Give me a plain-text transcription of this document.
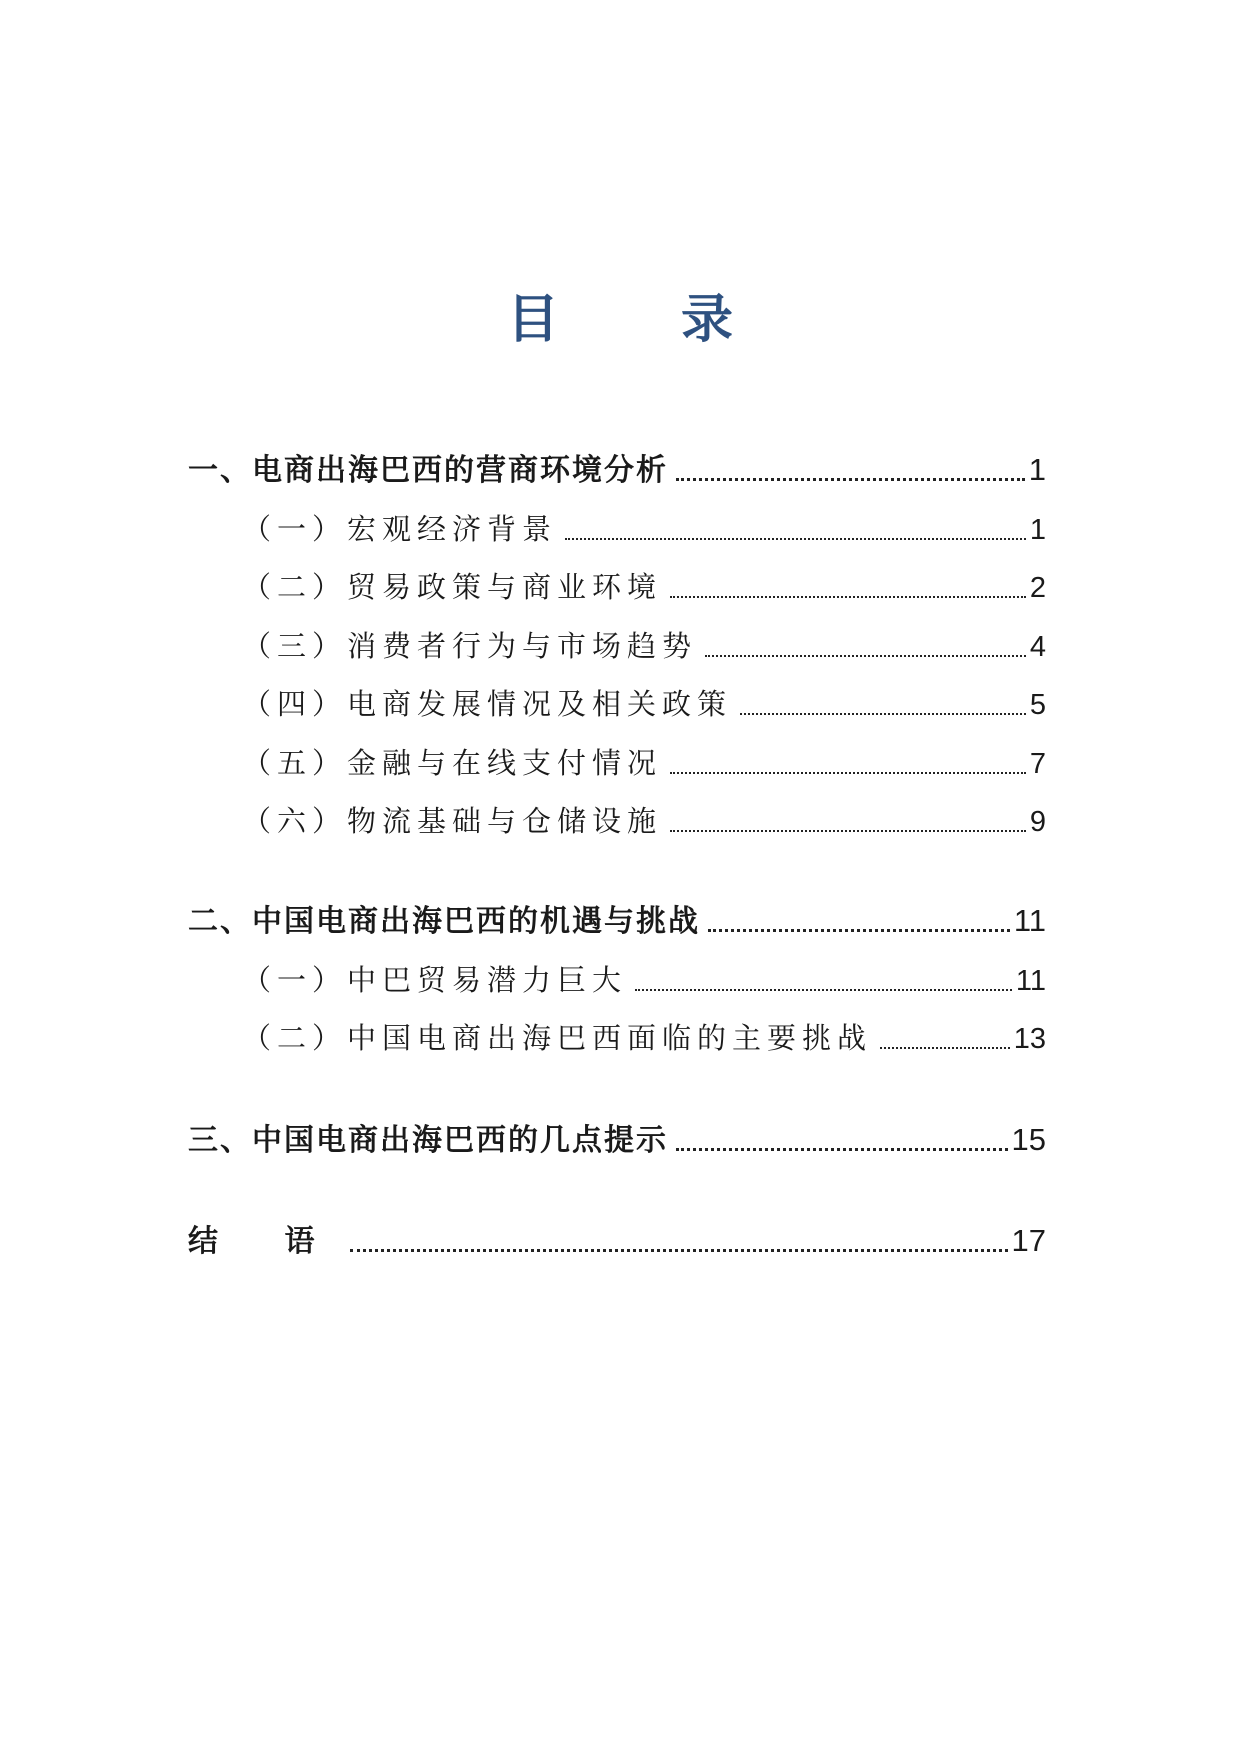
目 录
一、电商出海巴西的营商环境分析	1
（一）宏观经济背景	1
（二）贸易政策与商业环境	2
（三）消费者行为与市场趋势	4
（四）电商发展情况及相关政策	5
（五）金融与在线支付情况	7
（六）物流基础与仓储设施	9
二、中国电商出海巴西的机遇与挑战	11
（一）中巴贸易潜力巨大	11
（二）中国电商出海巴西面临的主要挑战	13
三、中国电商出海巴西的几点提示	15
结 语	17
